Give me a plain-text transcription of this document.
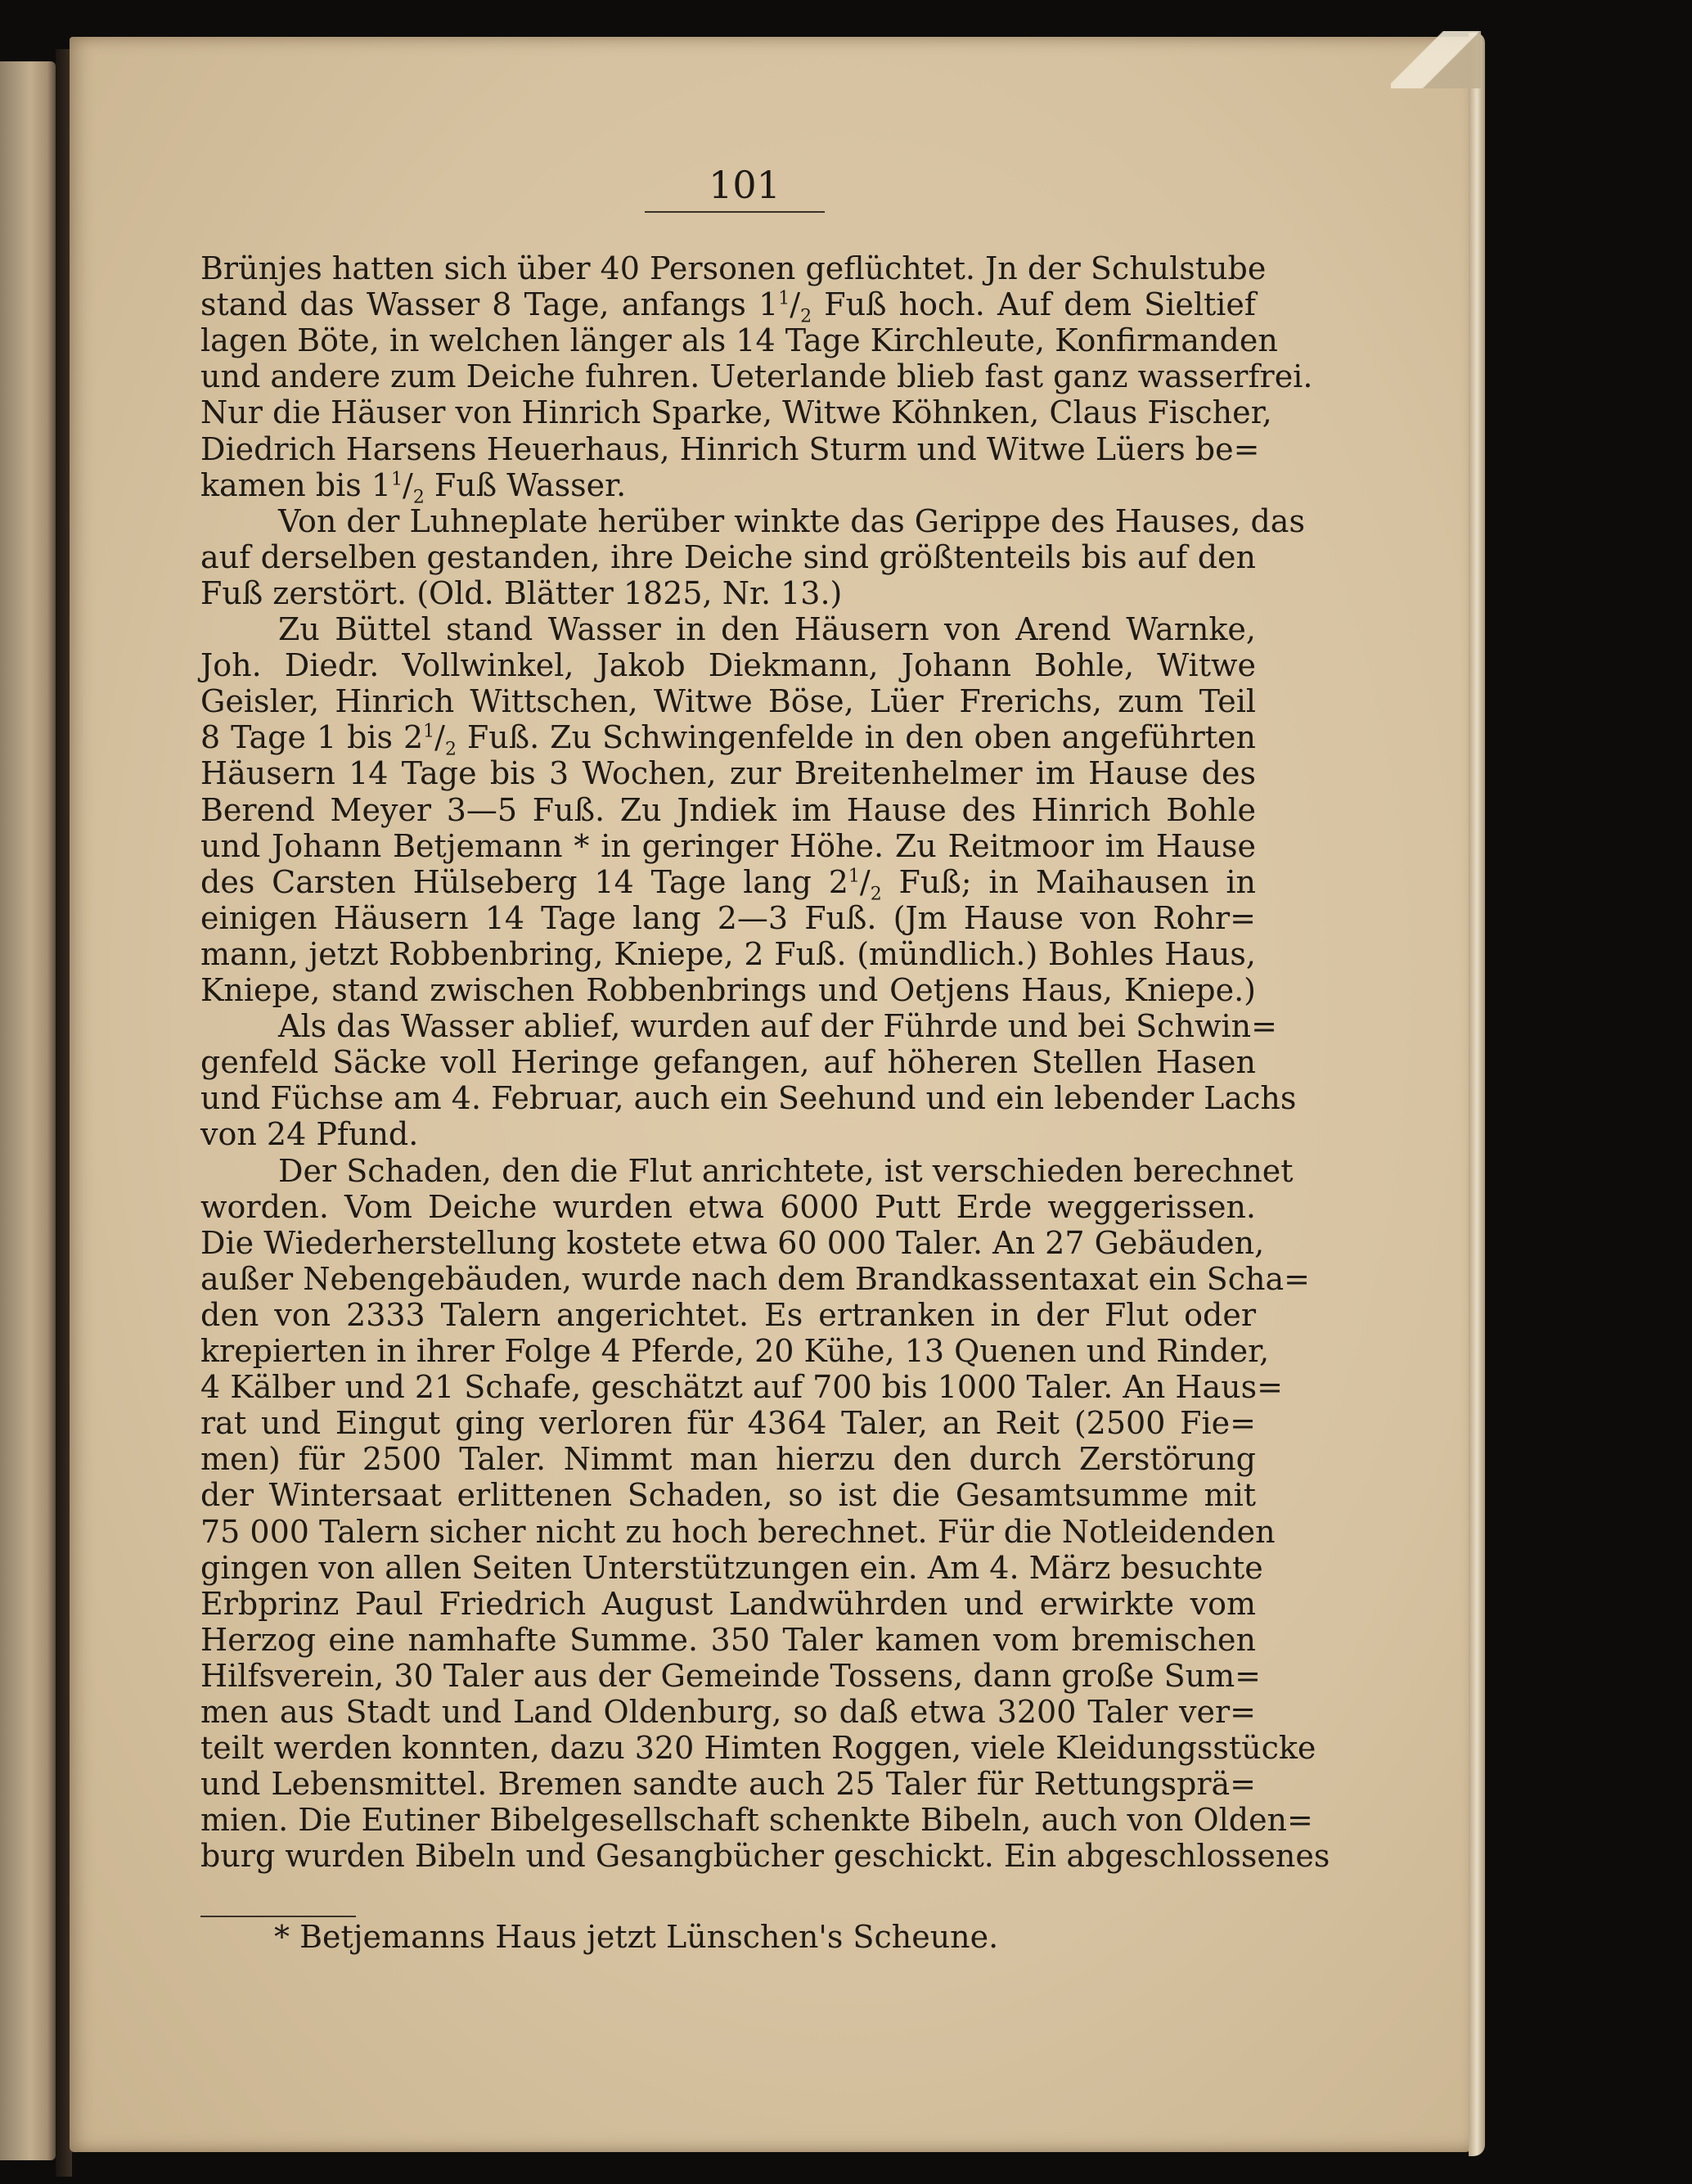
101
Brünjes hatten sich über 40 Personen geflüchtet. Jn der Schulstube
stand das Wasser 8 Tage, anfangs $1^1/_2$ Fuß hoch. Auf dem Sieltief
lagen Böte, in welchen länger als 14 Tage Kirchleute, Konfirmanden
und andere zum Deiche fuhren. Ueterlande blieb fast ganz wasserfrei.
Nur die Häuser von Hinrich Sparke, Witwe Köhnken, Claus Fischer,
Diedrich Harsens Heuerhaus, Hinrich Sturm und Witwe Lüers be=
kamen bis $1^1/_2$ Fuß Wasser.
Von der Luhneplate herüber winkte das Gerippe des Hauses, das
auf derselben gestanden, ihre Deiche sind größtenteils bis auf den
Fuß zerstört. (Old. Blätter 1825, Nr. 13.)
Zu Büttel stand Wasser in den Häusern von Arend Warnke,
Joh. Diedr. Vollwinkel, Jakob Diekmann, Johann Bohle, Witwe
Geisler, Hinrich Wittschen, Witwe Böse, Lüer Frerichs, zum Teil
8 Tage 1 bis $2^1/_2$ Fuß. Zu Schwingenfelde in den oben angeführten
Häusern 14 Tage bis 3 Wochen, zur Breitenhelmer im Hause des
Berend Meyer 3—5 Fuß. Zu Jndiek im Hause des Hinrich Bohle
und Johann Betjemann * in geringer Höhe. Zu Reitmoor im Hause
des Carsten Hülseberg 14 Tage lang $2^1/_2$ Fuß; in Maihausen in
einigen Häusern 14 Tage lang 2—3 Fuß. (Jm Hause von Rohr=
mann, jetzt Robbenbring, Kniepe, 2 Fuß. (mündlich.) Bohles Haus,
Kniepe, stand zwischen Robbenbrings und Oetjens Haus, Kniepe.)
Als das Wasser ablief, wurden auf der Führde und bei Schwin=
genfeld Säcke voll Heringe gefangen, auf höheren Stellen Hasen
und Füchse am 4. Februar, auch ein Seehund und ein lebender Lachs
von 24 Pfund.
Der Schaden, den die Flut anrichtete, ist verschieden berechnet
worden. Vom Deiche wurden etwa 6000 Putt Erde weggerissen.
Die Wiederherstellung kostete etwa 60 000 Taler. An 27 Gebäuden,
außer Nebengebäuden, wurde nach dem Brandkassentaxat ein Scha=
den von 2333 Talern angerichtet. Es ertranken in der Flut oder
krepierten in ihrer Folge 4 Pferde, 20 Kühe, 13 Quenen und Rinder,
4 Kälber und 21 Schafe, geschätzt auf 700 bis 1000 Taler. An Haus=
rat und Eingut ging verloren für 4364 Taler, an Reit (2500 Fie=
men) für 2500 Taler. Nimmt man hierzu den durch Zerstörung
der Wintersaat erlittenen Schaden, so ist die Gesamtsumme mit
75 000 Talern sicher nicht zu hoch berechnet. Für die Notleidenden
gingen von allen Seiten Unterstützungen ein. Am 4. März besuchte
Erbprinz Paul Friedrich August Landwührden und erwirkte vom
Herzog eine namhafte Summe. 350 Taler kamen vom bremischen
Hilfsverein, 30 Taler aus der Gemeinde Tossens, dann große Sum=
men aus Stadt und Land Oldenburg, so daß etwa 3200 Taler ver=
teilt werden konnten, dazu 320 Himten Roggen, viele Kleidungsstücke
und Lebensmittel. Bremen sandte auch 25 Taler für Rettungsprä=
mien. Die Eutiner Bibelgesellschaft schenkte Bibeln, auch von Olden=
burg wurden Bibeln und Gesangbücher geschickt. Ein abgeschlossenes
* Betjemanns Haus jetzt Lünschen's Scheune.
